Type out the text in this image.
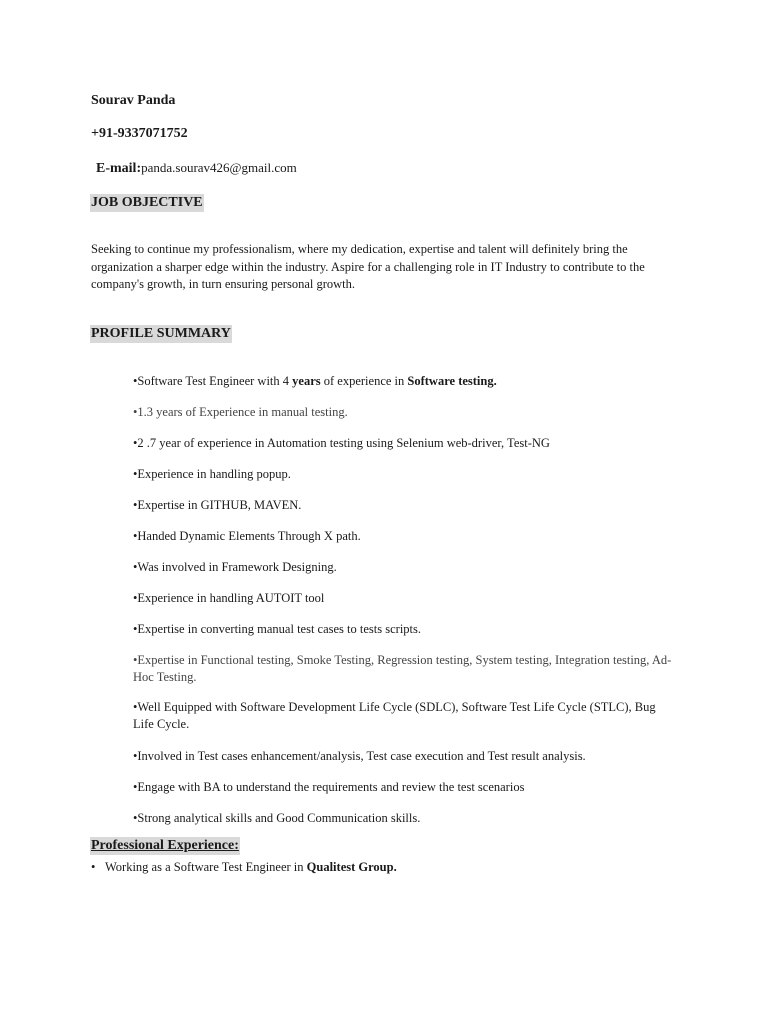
Sourav Panda
+91-9337071752
E-mail:panda.sourav426@gmail.com
JOB OBJECTIVE
Seeking to continue my professionalism, where my dedication, expertise and talent will definitely bring the organization a sharper edge within the industry. Aspire for a challenging role in IT Industry to contribute to the company's growth, in turn ensuring personal growth.
PROFILE SUMMARY
•Software Test Engineer with 4 years of experience in Software testing.
•1.3 years of Experience in manual testing.
•2 .7 year of experience in Automation testing using Selenium web-driver, Test-NG
•Experience in handling popup.
•Expertise in GITHUB, MAVEN.
•Handed Dynamic Elements Through X path.
•Was involved in Framework Designing.
•Experience in handling AUTOIT tool
•Expertise in converting manual test cases to tests scripts.
•Expertise in Functional testing, Smoke Testing, Regression testing, System testing, Integration testing, Ad-Hoc Testing.
•Well Equipped with Software Development Life Cycle (SDLC), Software Test Life Cycle (STLC), Bug Life Cycle.
•Involved in Test cases enhancement/analysis, Test case execution and Test result analysis.
•Engage with BA to understand the requirements and review the test scenarios
•Strong analytical skills and Good Communication skills.
Professional Experience:
• Working as a Software Test Engineer in Qualitest Group.
